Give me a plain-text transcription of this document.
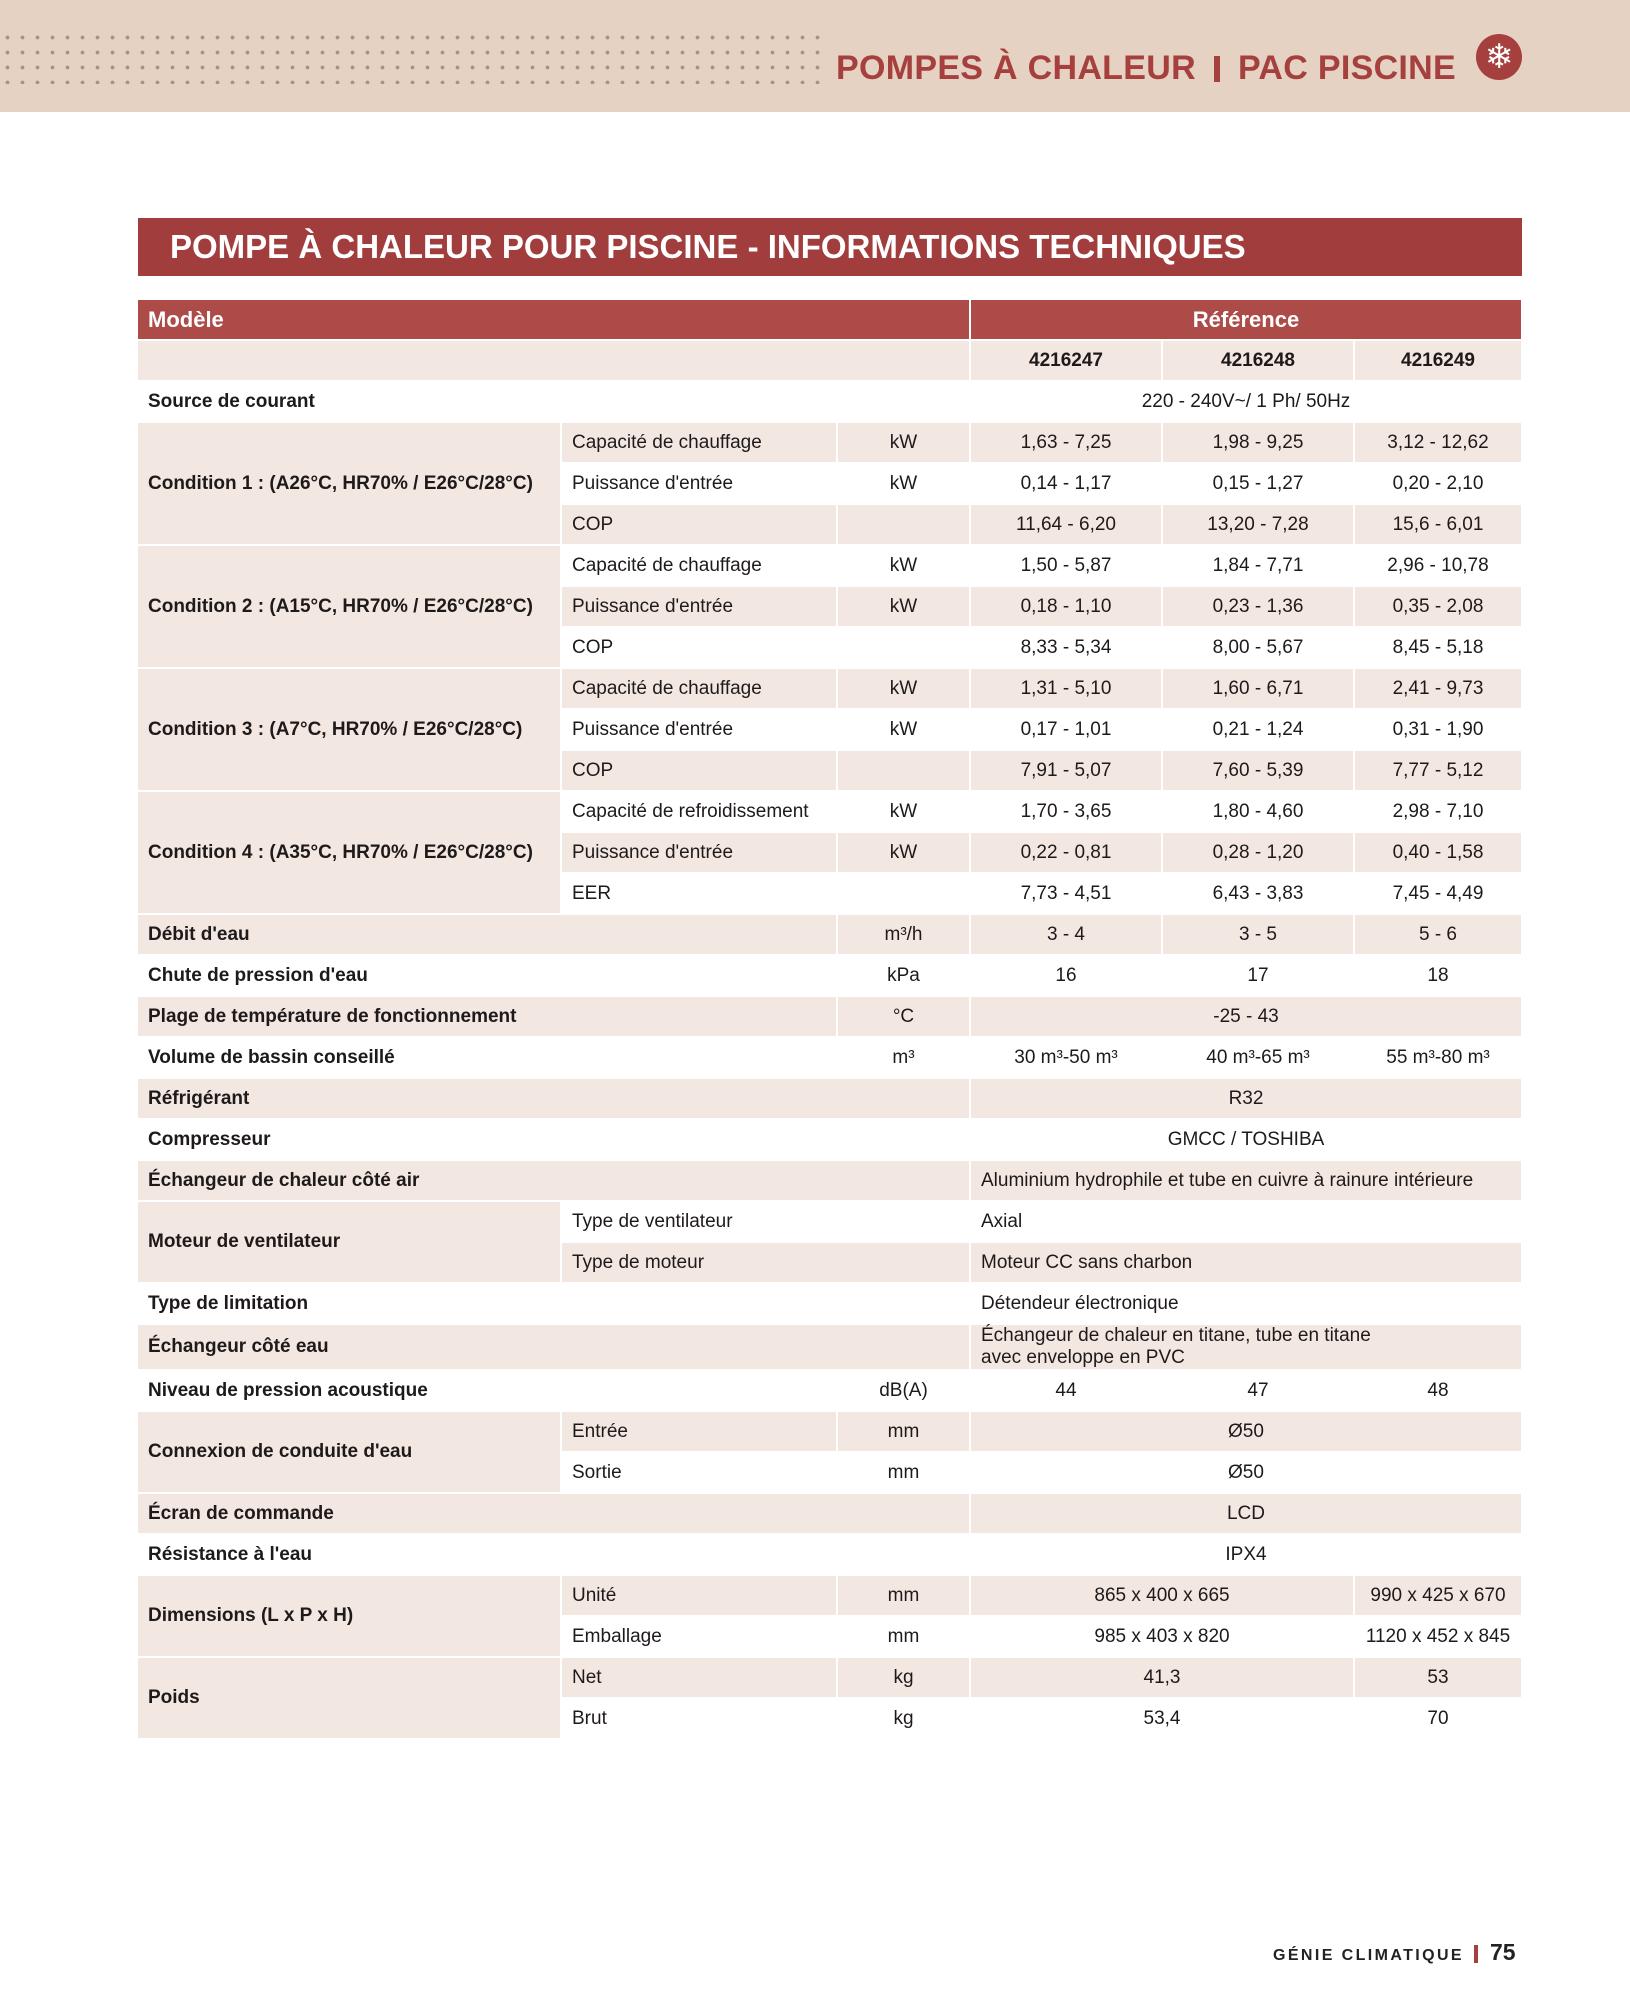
POMPES À CHALEUR PAC PISCINE ❄
POMPE À CHALEUR POUR PISCINE - INFORMATIONS TECHNIQUES
Modèle			Référence		
			4216247	4216248	4216249
Source de courant			220 - 240V~/ 1 Ph/ 50Hz		
Condition 1 : (A26°C, HR70% / E26°C/28°C)	Capacité de chauffage	kW	1,63 - 7,25	1,98 - 9,25	3,12 - 12,62
	Puissance d'entrée	kW	0,14 - 1,17	0,15 - 1,27	0,20 - 2,10
	COP		11,64 - 6,20	13,20 - 7,28	15,6 - 6,01
Condition 2 : (A15°C, HR70% / E26°C/28°C)	Capacité de chauffage	kW	1,50 - 5,87	1,84 - 7,71	2,96 - 10,78
	Puissance d'entrée	kW	0,18 - 1,10	0,23 - 1,36	0,35 - 2,08
	COP		8,33 - 5,34	8,00 - 5,67	8,45 - 5,18
Condition 3 : (A7°C, HR70% / E26°C/28°C)	Capacité de chauffage	kW	1,31 - 5,10	1,60 - 6,71	2,41 - 9,73
	Puissance d'entrée	kW	0,17 - 1,01	0,21 - 1,24	0,31 - 1,90
	COP		7,91 - 5,07	7,60 - 5,39	7,77 - 5,12
Condition 4 : (A35°C, HR70% / E26°C/28°C)	Capacité de refroidissement	kW	1,70 - 3,65	1,80 - 4,60	2,98 - 7,10
	Puissance d'entrée	kW	0,22 - 0,81	0,28 - 1,20	0,40 - 1,58
	EER		7,73 - 4,51	6,43 - 3,83	7,45 - 4,49
Débit d'eau		m³/h	3 - 4	3 - 5	5 - 6
Chute de pression d'eau		kPa	16	17	18
Plage de température de fonctionnement		°C	-25 - 43		
Volume de bassin conseillé		m³	30 m³-50 m³	40 m³-65 m³	55 m³-80 m³
Réfrigérant			R32		
Compresseur			GMCC / TOSHIBA		
Échangeur de chaleur côté air			Aluminium hydrophile et tube en cuivre à rainure intérieure		
Moteur de ventilateur	Type de ventilateur		Axial		
	Type de moteur		Moteur CC sans charbon		
Type de limitation			Détendeur électronique		
Échangeur côté eau			Échangeur de chaleur en titane, tube en titane
avec enveloppe en PVC		
Niveau de pression acoustique		dB(A)	44	47	48
Connexion de conduite d'eau	Entrée	mm	Ø50		
	Sortie	mm	Ø50		
Écran de commande			LCD		
Résistance à l'eau			IPX4		
Dimensions (L x P x H)	Unité	mm	865 x 400 x 665		990 x 425 x 670
	Emballage	mm	985 x 403 x 820		1120 x 452 x 845
Poids	Net	kg	41,3		53
	Brut	kg	53,4		70
GÉNIE CLIMATIQUE 75
